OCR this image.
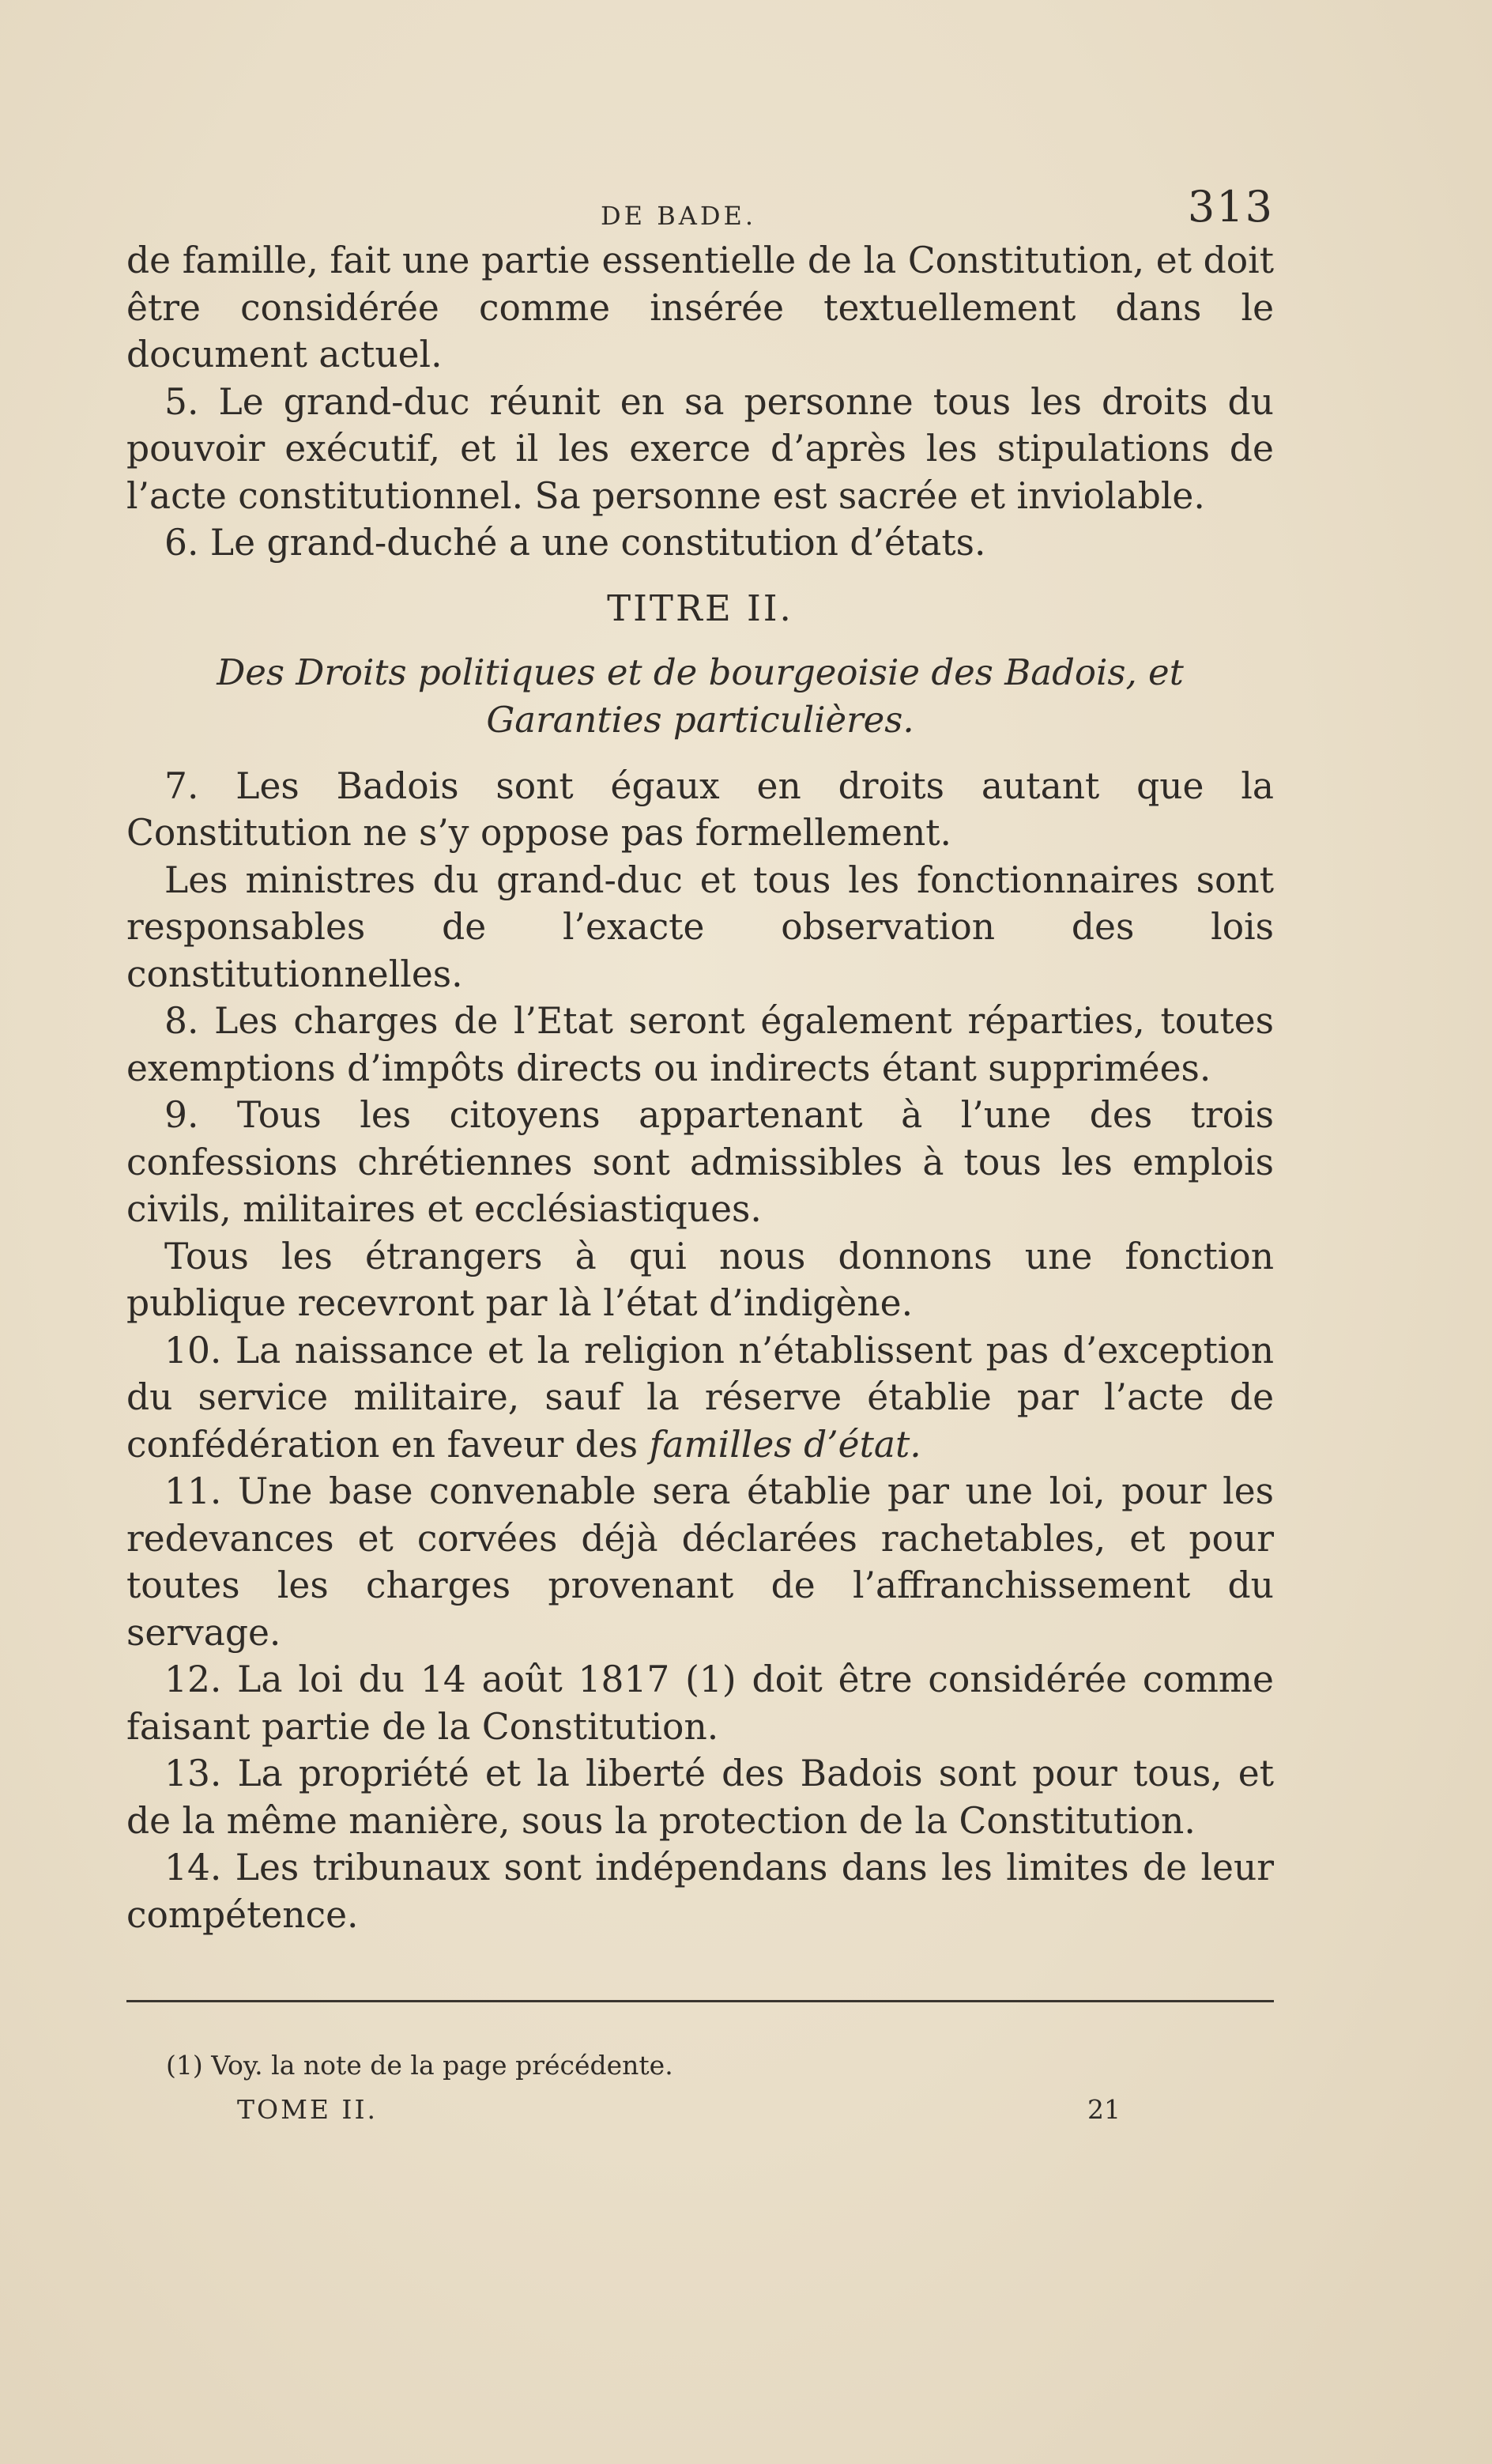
DE BADE.	313

de famille, fait une partie essentielle de la Constitution, et doit être considérée comme insérée textuellement dans le document actuel.

5. Le grand-duc réunit en sa personne tous les droits du pouvoir exécutif, et il les exerce d’après les stipulations de l’acte constitutionnel. Sa personne est sacrée et inviolable.

6. Le grand-duché a une constitution d’états.

TITRE II.
Des Droits politiques et de bourgeoisie des Badois, et Garanties particulières.

7. Les Badois sont égaux en droits autant que la Constitution ne s’y oppose pas formellement.

Les ministres du grand-duc et tous les fonctionnaires sont responsables de l’exacte observation des lois constitutionnelles.

8. Les charges de l’Etat seront également réparties, toutes exemptions d’impôts directs ou indirects étant supprimées.

9. Tous les citoyens appartenant à l’une des trois confessions chrétiennes sont admissibles à tous les emplois civils, militaires et ecclésiastiques.

Tous les étrangers à qui nous donnons une fonction publique recevront par là l’état d’indigène.

10. La naissance et la religion n’établissent pas d’exception du service militaire, sauf la réserve établie par l’acte de confédération en faveur des familles d’état.

11. Une base convenable sera établie par une loi, pour les redevances et corvées déjà déclarées rachetables, et pour toutes les charges provenant de l’affranchissement du servage.

12. La loi du 14 août 1817 (1) doit être considérée comme faisant partie de la Constitution.

13. La propriété et la liberté des Badois sont pour tous, et de la même manière, sous la protection de la Constitution.

14. Les tribunaux sont indépendans dans les limites de leur compétence.

(1) Voy. la note de la page précédente.
TOME II.	21
